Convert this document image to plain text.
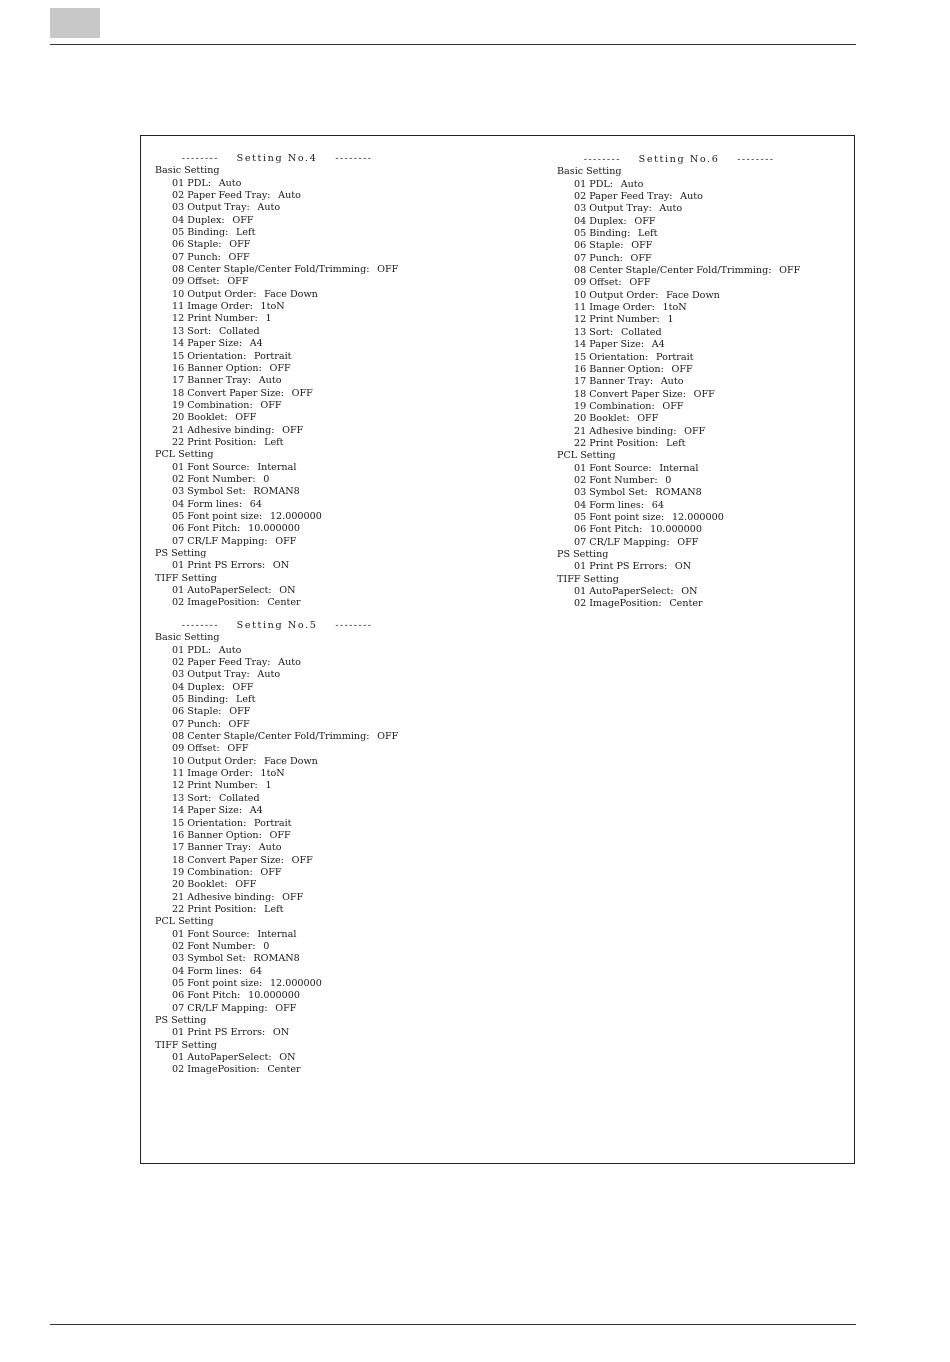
-------- Setting No.4 --------
Basic Setting
01 PDL: Auto
02 Paper Feed Tray: Auto
03 Output Tray: Auto
04 Duplex: OFF
05 Binding: Left
06 Staple: OFF
07 Punch: OFF
08 Center Staple/Center Fold/Trimming: OFF
09 Offset: OFF
10 Output Order: Face Down
11 Image Order: 1toN
12 Print Number: 1
13 Sort: Collated
14 Paper Size: A4
15 Orientation: Portrait
16 Banner Option: OFF
17 Banner Tray: Auto
18 Convert Paper Size: OFF
19 Combination: OFF
20 Booklet: OFF
21 Adhesive binding: OFF
22 Print Position: Left
PCL Setting
01 Font Source: Internal
02 Font Number: 0
03 Symbol Set: ROMAN8
04 Form lines: 64
05 Font point size: 12.000000
06 Font Pitch: 10.000000
07 CR/LF Mapping: OFF
PS Setting
01 Print PS Errors: ON
TIFF Setting
01 AutoPaperSelect: ON
02 ImagePosition: Center
-------- Setting No.5 --------
Basic Setting
01 PDL: Auto
02 Paper Feed Tray: Auto
03 Output Tray: Auto
04 Duplex: OFF
05 Binding: Left
06 Staple: OFF
07 Punch: OFF
08 Center Staple/Center Fold/Trimming: OFF
09 Offset: OFF
10 Output Order: Face Down
11 Image Order: 1toN
12 Print Number: 1
13 Sort: Collated
14 Paper Size: A4
15 Orientation: Portrait
16 Banner Option: OFF
17 Banner Tray: Auto
18 Convert Paper Size: OFF
19 Combination: OFF
20 Booklet: OFF
21 Adhesive binding: OFF
22 Print Position: Left
PCL Setting
01 Font Source: Internal
02 Font Number: 0
03 Symbol Set: ROMAN8
04 Form lines: 64
05 Font point size: 12.000000
06 Font Pitch: 10.000000
07 CR/LF Mapping: OFF
PS Setting
01 Print PS Errors: ON
TIFF Setting
01 AutoPaperSelect: ON
02 ImagePosition: Center
-------- Setting No.6 --------
Basic Setting
01 PDL: Auto
02 Paper Feed Tray: Auto
03 Output Tray: Auto
04 Duplex: OFF
05 Binding: Left
06 Staple: OFF
07 Punch: OFF
08 Center Staple/Center Fold/Trimming: OFF
09 Offset: OFF
10 Output Order: Face Down
11 Image Order: 1toN
12 Print Number: 1
13 Sort: Collated
14 Paper Size: A4
15 Orientation: Portrait
16 Banner Option: OFF
17 Banner Tray: Auto
18 Convert Paper Size: OFF
19 Combination: OFF
20 Booklet: OFF
21 Adhesive binding: OFF
22 Print Position: Left
PCL Setting
01 Font Source: Internal
02 Font Number: 0
03 Symbol Set: ROMAN8
04 Form lines: 64
05 Font point size: 12.000000
06 Font Pitch: 10.000000
07 CR/LF Mapping: OFF
PS Setting
01 Print PS Errors: ON
TIFF Setting
01 AutoPaperSelect: ON
02 ImagePosition: Center
